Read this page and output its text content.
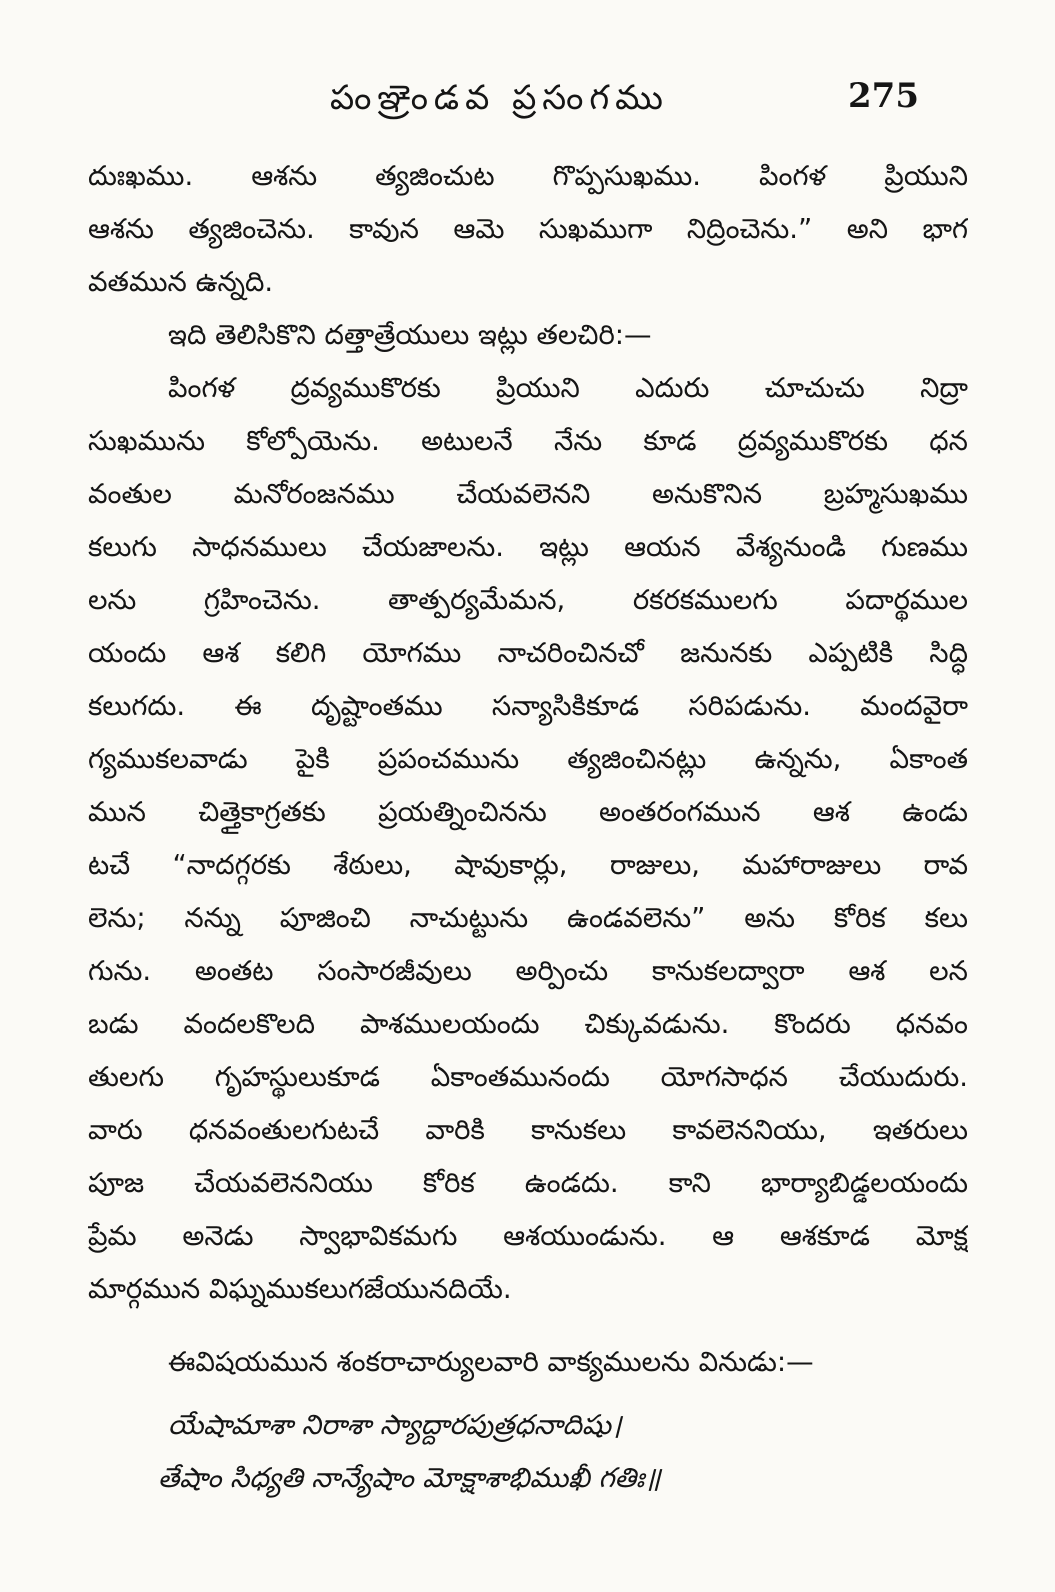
పంఞ్రెండవ ప్రసంగము	275
దుఃఖము. ఆశను త్యజించుట గొప్పసుఖము. పింగళ ప్రియుని
ఆశను త్యజించెను. కావున ఆమె సుఖముగా నిద్రించెను.” అని భాగ
వతమున ఉన్నది.
ఇది తెలిసికొని దత్తాత్రేయులు ఇట్లు తలచిరి:—
పింగళ ద్రవ్యముకొరకు ప్రియుని ఎదురు చూచుచు నిద్రా
సుఖమును కోల్పోయెను. అటులనే నేను కూడ ద్రవ్యముకొరకు ధన
వంతుల మనోరంజనము చేయవలెనని అనుకొనిన బ్రహ్మసుఖము
కలుగు సాధనములు చేయజాలను. ఇట్లు ఆయన వేశ్యనుండి గుణము
లను గ్రహించెను. తాత్పర్యమేమన, రకరకములగు పదార్థముల
యందు ఆశ కలిగి యోగము నాచరించినచో జనునకు ఎప్పటికి సిద్ధి
కలుగదు. ఈ దృష్టాంతము సన్యాసికికూడ సరిపడును. మందవైరా
గ్యముకలవాడు పైకి ప్రపంచమును త్యజించినట్లు ఉన్నను, ఏకాంత
మున చిత్తైకాగ్రతకు ప్రయత్నించినను అంతరంగమున ఆశ ఉండు
టచే “నాదగ్గరకు శేఠులు, షావుకార్లు, రాజులు, మహారాజులు రావ
లెను; నన్ను పూజించి నాచుట్టును ఉండవలెను” అను కోరిక కలు
గును. అంతట సంసారజీవులు అర్పించు కానుకలద్వారా ఆశ లన
బడు వందలకొలది పాశములయందు చిక్కువడును. కొందరు ధనవం
తులగు గృహస్థులుకూడ ఏకాంతమునందు యోగసాధన చేయుదురు.
వారు ధనవంతులగుటచే వారికి కానుకలు కావలెననియు, ఇతరులు
పూజ చేయవలెననియు కోరిక ఉండదు. కాని భార్యాబిడ్డలయందు
ప్రేమ అనెడు స్వాభావికమగు ఆశయుండును. ఆ ఆశకూడ మోక్ష
మార్గమున విఘ్నముకలుగజేయునదియే.
ఈవిషయమున శంకరాచార్యులవారి వాక్యములను వినుడు:—
యేషామాశా నిరాశా స్యాద్దారపుత్రధనాదిషు।
తేషాం సిధ్యతి నాన్యేషాం మోక్షాశాభిముఖీ గతిః॥
